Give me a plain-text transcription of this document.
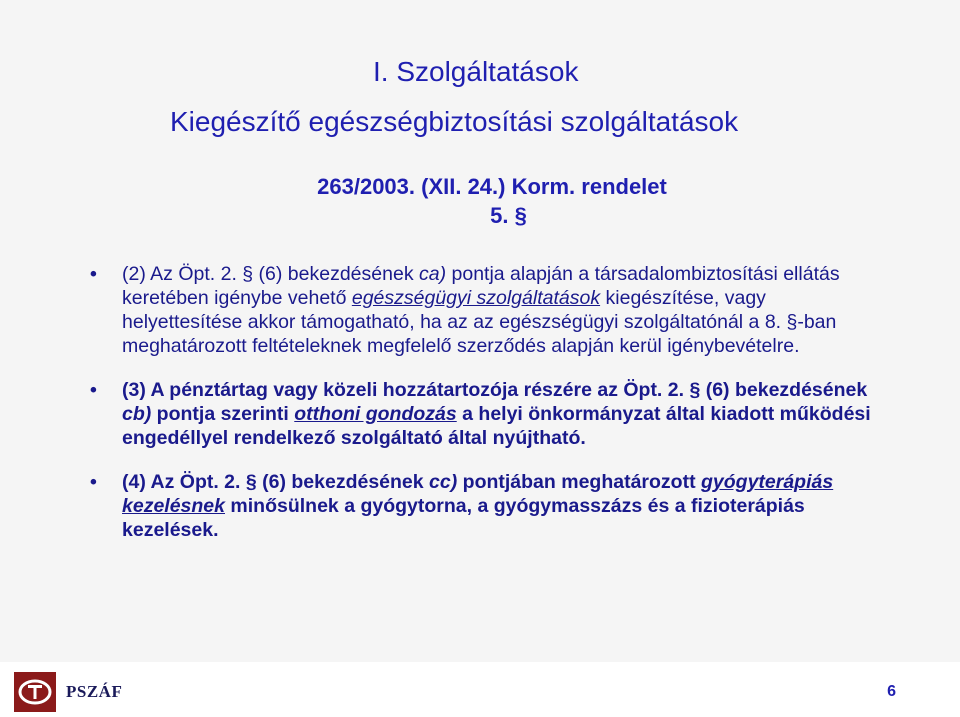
I. Szolgáltatások
Kiegészítő egészségbiztosítási szolgáltatások
263/2003. (XII. 24.) Korm. rendelet
5. §
• (2) Az Öpt. 2. § (6) bekezdésének ca) pontja alapján a társadalombiztosítási ellátás keretében igénybe vehető egészségügyi szolgáltatások kiegészítése, vagy helyettesítése akkor támogatható, ha az az egészségügyi szolgáltatónál a 8. §-ban meghatározott feltételeknek megfelelő szerződés alapján kerül igénybevételre.
• (3) A pénztártag vagy közeli hozzátartozója részére az Öpt. 2. § (6) bekezdésének cb) pontja szerinti otthoni gondozás a helyi önkormányzat által kiadott működési engedéllyel rendelkező szolgáltató által nyújtható.
• (4) Az Öpt. 2. § (6) bekezdésének cc) pontjában meghatározott gyógyterápiás kezelésnek minősülnek a gyógytorna, a gyógymasszázs és a fizioterápiás kezelések.
PSZÁF	6
